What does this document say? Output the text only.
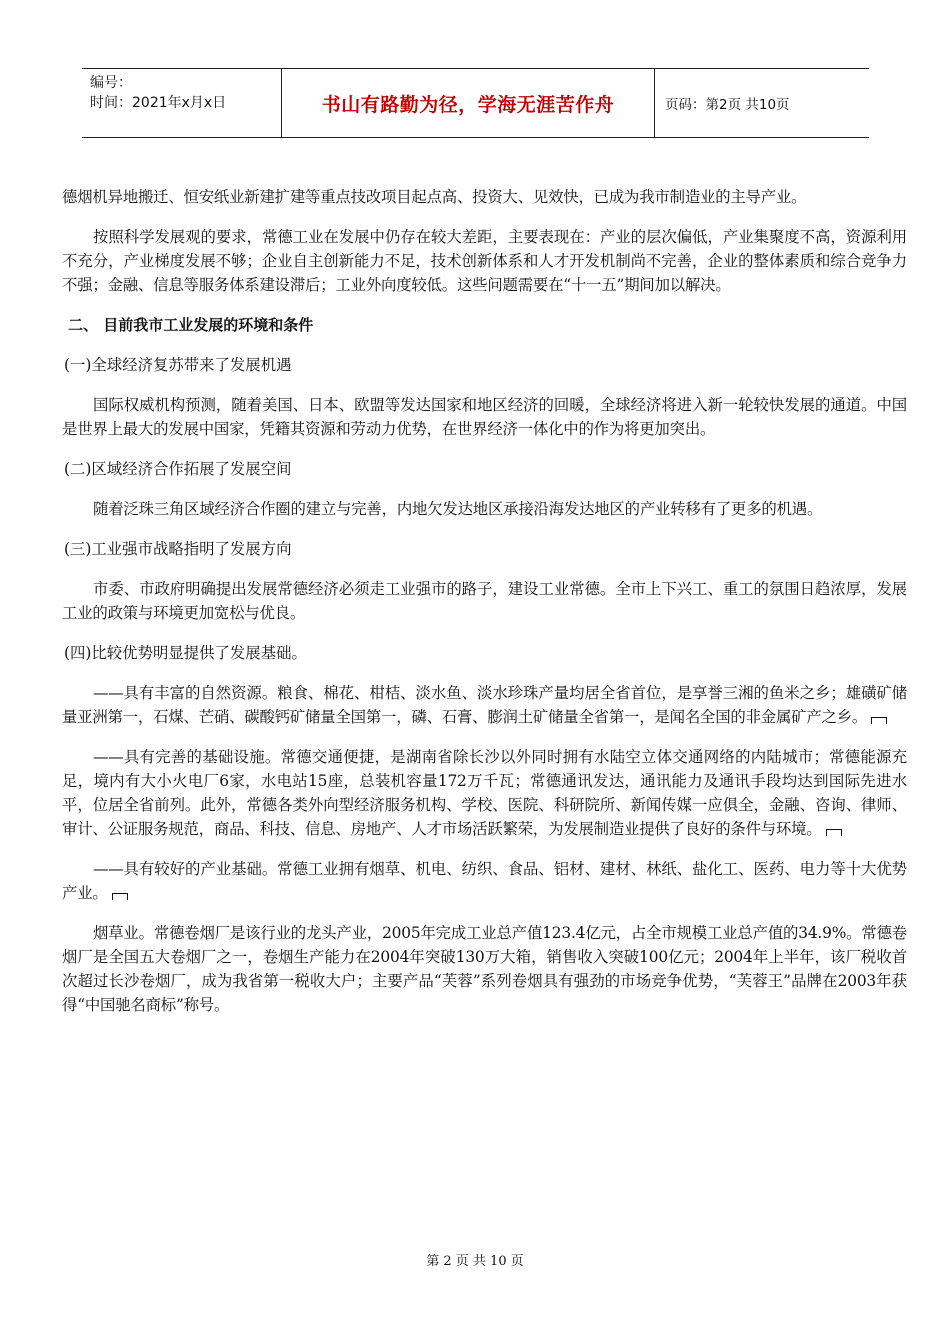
编号：
时间：2021年x月x日	书山有路勤为径，学海无涯苦作舟	页码：第2页 共10页

德烟机异地搬迁、恒安纸业新建扩建等重点技改项目起点高、投资大、见效快，已成为我市制造业的主导产业。

按照科学发展观的要求，常德工业在发展中仍存在较大差距，主要表现在：产业的层次偏低，产业集聚度不高，资源利用不充分，产业梯度发展不够；企业自主创新能力不足，技术创新体系和人才开发机制尚不完善，企业的整体素质和综合竞争力不强；金融、信息等服务体系建设滞后；工业外向度较低。这些问题需要在“十一五”期间加以解决。

二、 目前我市工业发展的环境和条件
(一)全球经济复苏带来了发展机遇

国际权威机构预测，随着美国、日本、欧盟等发达国家和地区经济的回暖，全球经济将进入新一轮较快发展的通道。中国是世界上最大的发展中国家，凭籍其资源和劳动力优势，在世界经济一体化中的作为将更加突出。

(二)区域经济合作拓展了发展空间

随着泛珠三角区域经济合作圈的建立与完善，内地欠发达地区承接沿海发达地区的产业转移有了更多的机遇。

(三)工业强市战略指明了发展方向

市委、市政府明确提出发展常德经济必须走工业强市的路子，建设工业常德。全市上下兴工、重工的氛围日趋浓厚，发展工业的政策与环境更加宽松与优良。

(四)比较优势明显提供了发展基础。

——具有丰富的自然资源。粮食、棉花、柑桔、淡水鱼、淡水珍珠产量均居全省首位，是享誉三湘的鱼米之乡；雄磺矿储量亚洲第一，石煤、芒硝、碳酸钙矿储量全国第一，磷、石膏、膨润土矿储量全省第一，是闻名全国的非金属矿产之乡。

——具有完善的基础设施。常德交通便捷，是湖南省除长沙以外同时拥有水陆空立体交通网络的内陆城市；常德能源充足，境内有大小火电厂6家，水电站15座，总装机容量172万千瓦；常德通讯发达，通讯能力及通讯手段均达到国际先进水平，位居全省前列。此外，常德各类外向型经济服务机构、学校、医院、科研院所、新闻传媒一应俱全，金融、咨询、律师、审计、公证服务规范，商品、科技、信息、房地产、人才市场活跃繁荣，为发展制造业提供了良好的条件与环境。

——具有较好的产业基础。常德工业拥有烟草、机电、纺织、食品、铝材、建材、林纸、盐化工、医药、电力等十大优势产业。

烟草业。常德卷烟厂是该行业的龙头产业，2005年完成工业总产值123.4亿元，占全市规模工业总产值的34.9%。常德卷烟厂是全国五大卷烟厂之一，卷烟生产能力在2004年突破130万大箱，销售收入突破100亿元；2004年上半年，该厂税收首次超过长沙卷烟厂，成为我省第一税收大户；主要产品“芙蓉”系列卷烟具有强劲的市场竞争优势，“芙蓉王”品牌在2003年获得“中国驰名商标”称号。

第 2 页 共 10 页
